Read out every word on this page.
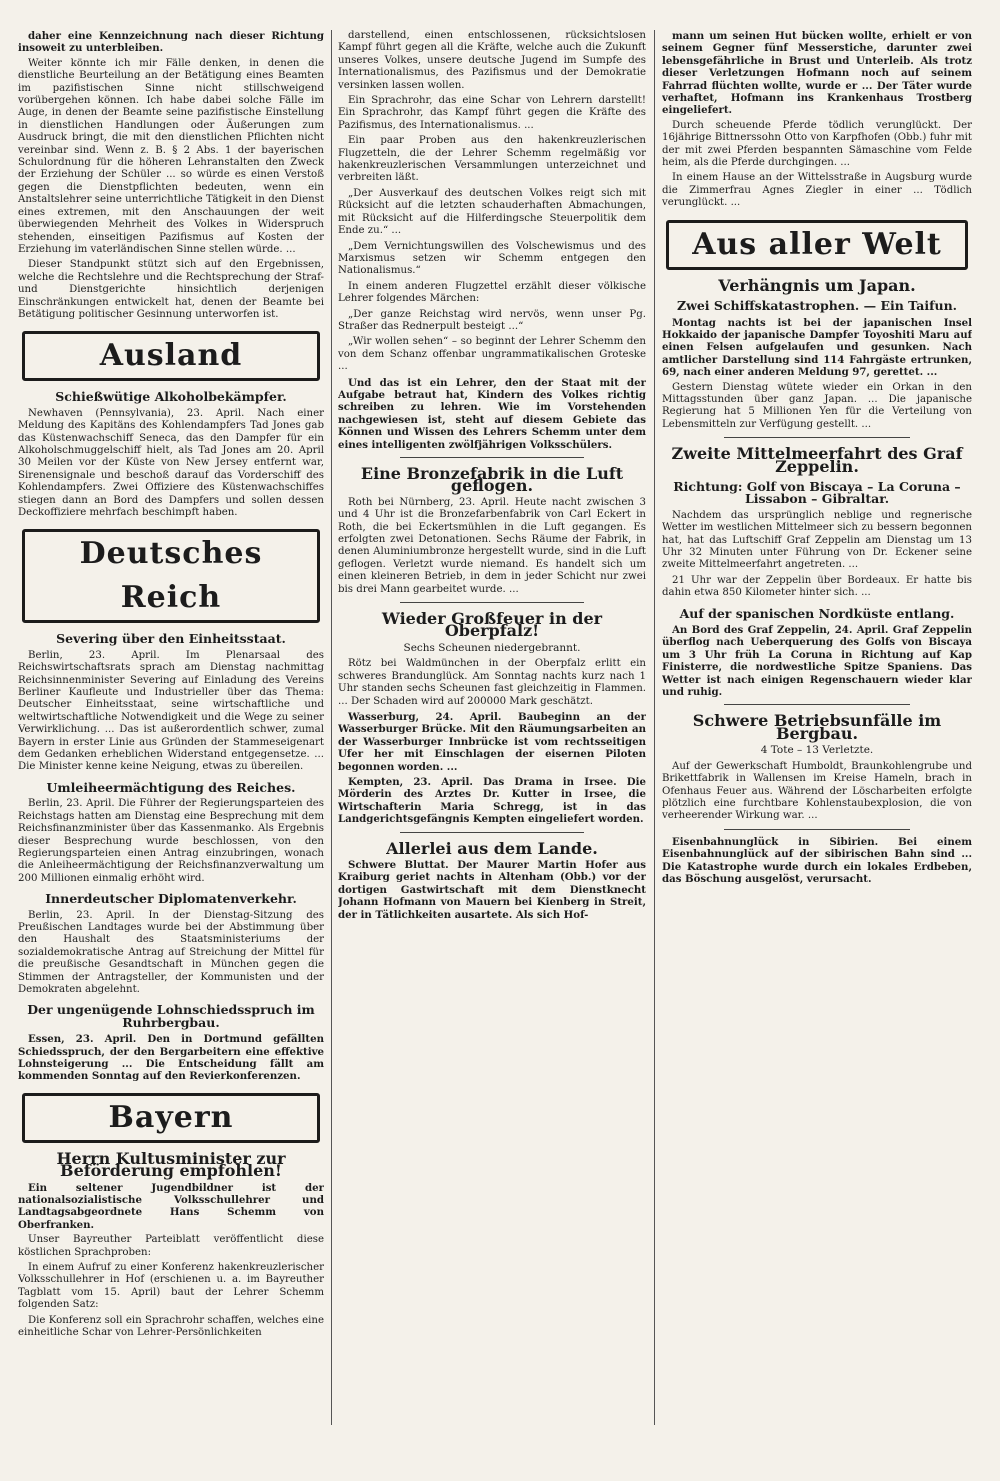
daher eine Kennzeichnung nach dieser Richtung insoweit zu unterbleiben.

Weiter könnte ich mir Fälle denken, in denen die dienstliche Beurteilung an der Betätigung eines Beamten im pazifistischen Sinne nicht stillschweigend vorübergehen können. Ich habe dabei solche Fälle im Auge, in denen der Beamte seine pazifistische Einstellung in dienstlichen Handlungen oder Äußerungen zum Ausdruck bringt, die mit den dienstlichen Pflichten nicht vereinbar sind. Wenn z. B. § 2 Abs. 1 der bayerischen Schulordnung für die höheren Lehranstalten den Zweck der Erziehung der Schüler ... so würde es einen Verstoß gegen die Dienstpflichten bedeuten, wenn ein Anstaltslehrer seine unterrichtliche Tätigkeit in den Dienst eines extremen, mit den Anschauungen der weit überwiegenden Mehrheit des Volkes in Widerspruch stehenden, einseitigen Pazifismus auf Kosten der Erziehung im vaterländischen Sinne stellen würde. ...

Dieser Standpunkt stützt sich auf den Ergebnissen, welche die Rechtslehre und die Rechtsprechung der Straf- und Dienstgerichte hinsichtlich derjenigen Einschränkungen entwickelt hat, denen der Beamte bei Betätigung politischer Gesinnung unterworfen ist.

Ausland
Schießwütige Alkoholbekämpfer.

Newhaven (Pennsylvania), 23. April. Nach einer Meldung des Kapitäns des Kohlendampfers Tad Jones gab das Küstenwachschiff Seneca, das den Dampfer für ein Alkoholschmuggelschiff hielt, als Tad Jones am 20. April 30 Meilen vor der Küste von New Jersey entfernt war, Sirenensignale und beschoß darauf das Vorderschiff des Kohlendampfers. Zwei Offiziere des Küstenwachschiffes stiegen dann an Bord des Dampfers und sollen dessen Deckoffiziere mehrfach beschimpft haben.

Deutsches Reich
Severing über den Einheitsstaat.

Berlin, 23. April. Im Plenarsaal des Reichswirtschaftsrats sprach am Dienstag nachmittag Reichsinnenminister Severing auf Einladung des Vereins Berliner Kaufleute und Industrieller über das Thema: Deutscher Einheitsstaat, seine wirtschaftliche und weltwirtschaftliche Notwendigkeit und die Wege zu seiner Verwirklichung. ... Das ist außerordentlich schwer, zumal Bayern in erster Linie aus Gründen der Stammeseigenart dem Gedanken erheblichen Widerstand entgegensetze. ... Die Minister kenne keine Neigung, etwas zu übereilen.

Umleiheermächtigung des Reiches.

Berlin, 23. April. Die Führer der Regierungsparteien des Reichstags hatten am Dienstag eine Besprechung mit dem Reichsfinanzminister über das Kassenmanko. Als Ergebnis dieser Besprechung wurde beschlossen, von den Regierungsparteien einen Antrag einzubringen, wonach die Anleiheermächtigung der Reichsfinanzverwaltung um 200 Millionen einmalig erhöht wird.

Innerdeutscher Diplomatenverkehr.

Berlin, 23. April. In der Dienstag-Sitzung des Preußischen Landtages wurde bei der Abstimmung über den Haushalt des Staatsministeriums der sozialdemokratische Antrag auf Streichung der Mittel für die preußische Gesandtschaft in München gegen die Stimmen der Antragsteller, der Kommunisten und der Demokraten abgelehnt.

Der ungenügende Lohnschiedsspruch im Ruhrbergbau.

Essen, 23. April. Den in Dortmund gefällten Schiedsspruch, der den Bergarbeitern eine effektive Lohnsteigerung ... Die Entscheidung fällt am kommenden Sonntag auf den Revierkonferenzen.

Bayern
Herrn Kultusminister zur Beförderung empfohlen!

Ein seltener Jugendbildner ist der nationalsozialistische Volksschullehrer und Landtagsabgeordnete Hans Schemm von Oberfranken.

Unser Bayreuther Parteiblatt veröffentlicht diese köstlichen Sprachproben:

In einem Aufruf zu einer Konferenz hakenkreuzlerischer Volksschullehrer in Hof (erschienen u. a. im Bayreuther Tagblatt vom 15. April) baut der Lehrer Schemm folgenden Satz:

Die Konferenz soll ein Sprachrohr schaffen, welches eine einheitliche Schar von Lehrer-Persönlichkeiten

darstellend, einen entschlossenen, rücksichtslosen Kampf führt gegen all die Kräfte, welche auch die Zukunft unseres Volkes, unsere deutsche Jugend im Sumpfe des Internationalismus, des Pazifismus und der Demokratie versinken lassen wollen.

Ein Sprachrohr, das eine Schar von Lehrern darstellt! Ein Sprachrohr, das Kampf führt gegen die Kräfte des Pazifismus, des Internationalismus. ...

Ein paar Proben aus den hakenkreuzlerischen Flugzetteln, die der Lehrer Schemm regelmäßig vor hakenkreuzlerischen Versammlungen unterzeichnet und verbreiten läßt.

„Der Ausverkauf des deutschen Volkes reigt sich mit Rücksicht auf die letzten schauderhaften Abmachungen, mit Rücksicht auf die Hilferdingsche Steuerpolitik dem Ende zu.“ ...

„Dem Vernichtungswillen des Volschewismus und des Marxismus setzen wir Schemm entgegen den Nationalismus.“

In einem anderen Flugzettel erzählt dieser völkische Lehrer folgendes Märchen:

„Der ganze Reichstag wird nervös, wenn unser Pg. Straßer das Rednerpult besteigt ...“

„Wir wollen sehen“ – so beginnt der Lehrer Schemm den von dem Schanz offenbar ungrammatikalischen Groteske ...

Und das ist ein Lehrer, den der Staat mit der Aufgabe betraut hat, Kindern des Volkes richtig schreiben zu lehren. Wie im Vorstehenden nachgewiesen ist, steht auf diesem Gebiete das Können und Wissen des Lehrers Schemm unter dem eines intelligenten zwölfjährigen Volksschülers.

Eine Bronzefabrik in die Luft geflogen.

Roth bei Nürnberg, 23. April. Heute nacht zwischen 3 und 4 Uhr ist die Bronzefarbenfabrik von Carl Eckert in Roth, die bei Eckertsmühlen in die Luft gegangen. Es erfolgten zwei Detonationen. Sechs Räume der Fabrik, in denen Aluminiumbronze hergestellt wurde, sind in die Luft geflogen. Verletzt wurde niemand. Es handelt sich um einen kleineren Betrieb, in dem in jeder Schicht nur zwei bis drei Mann gearbeitet wurde. ...

Wieder Großfeuer in der Oberpfalz!
Sechs Scheunen niedergebrannt.

Rötz bei Waldmünchen in der Oberpfalz erlitt ein schweres Brandunglück. Am Sonntag nachts kurz nach 1 Uhr standen sechs Scheunen fast gleichzeitig in Flammen. ... Der Schaden wird auf 200000 Mark geschätzt.

Wasserburg, 24. April. Baubeginn an der Wasserburger Brücke. Mit den Räumungsarbeiten an der Wasserburger Innbrücke ist vom rechtsseitigen Ufer her mit Einschlagen der eisernen Piloten begonnen worden. ...

Kempten, 23. April. Das Drama in Irsee. Die Mörderin des Arztes Dr. Kutter in Irsee, die Wirtschafterin Maria Schregg, ist in das Landgerichtsgefängnis Kempten eingeliefert worden.

Allerlei aus dem Lande.

Schwere Bluttat. Der Maurer Martin Hofer aus Kraiburg geriet nachts in Altenham (Obb.) vor der dortigen Gastwirtschaft mit dem Dienstknecht Johann Hofmann von Mauern bei Kienberg in Streit, der in Tätlichkeiten ausartete. Als sich Hof-

mann um seinen Hut bücken wollte, erhielt er von seinem Gegner fünf Messerstiche, darunter zwei lebensgefährliche in Brust und Unterleib. Als trotz dieser Verletzungen Hofmann noch auf seinem Fahrrad flüchten wollte, wurde er ... Der Täter wurde verhaftet, Hofmann ins Krankenhaus Trostberg eingeliefert.

Durch scheuende Pferde tödlich verunglückt. Der 16jährige Bittnerssohn Otto von Karpfhofen (Obb.) fuhr mit der mit zwei Pferden bespannten Sämaschine vom Felde heim, als die Pferde durchgingen. ...

In einem Hause an der Wittelsstraße in Augsburg wurde die Zimmerfrau Agnes Ziegler in einer ... Tödlich verunglückt. ...

Aus aller Welt
Verhängnis um Japan.
Zwei Schiffskatastrophen. — Ein Taifun.

Montag nachts ist bei der japanischen Insel Hokkaido der japanische Dampfer Toyoshiti Maru auf einen Felsen aufgelaufen und gesunken. Nach amtlicher Darstellung sind 114 Fahrgäste ertrunken, 69, nach einer anderen Meldung 97, gerettet. ...

Gestern Dienstag wütete wieder ein Orkan in den Mittagsstunden über ganz Japan. ... Die japanische Regierung hat 5 Millionen Yen für die Verteilung von Lebensmitteln zur Verfügung gestellt. ...

Zweite Mittelmeerfahrt des Graf Zeppelin.
Richtung: Golf von Biscaya – La Coruna – Lissabon – Gibraltar.

Nachdem das ursprünglich neblige und regnerische Wetter im westlichen Mittelmeer sich zu bessern begonnen hat, hat das Luftschiff Graf Zeppelin am Dienstag um 13 Uhr 32 Minuten unter Führung von Dr. Eckener seine zweite Mittelmeerfahrt angetreten. ...

21 Uhr war der Zeppelin über Bordeaux. Er hatte bis dahin etwa 850 Kilometer hinter sich. ...

Auf der spanischen Nordküste entlang.

An Bord des Graf Zeppelin, 24. April. Graf Zeppelin überflog nach Ueberquerung des Golfs von Biscaya um 3 Uhr früh La Coruna in Richtung auf Kap Finisterre, die nordwestliche Spitze Spaniens. Das Wetter ist nach einigen Regenschauern wieder klar und ruhig.

Schwere Betriebsunfälle im Bergbau.
4 Tote – 13 Verletzte.

Auf der Gewerkschaft Humboldt, Braunkohlengrube und Brikettfabrik in Wallensen im Kreise Hameln, brach in Ofenhaus Feuer aus. Während der Löscharbeiten erfolgte plötzlich eine furchtbare Kohlenstaubexplosion, die von verheerender Wirkung war. ...

Eisenbahnunglück in Sibirien. Bei einem Eisenbahnunglück auf der sibirischen Bahn sind ... Die Katastrophe wurde durch ein lokales Erdbeben, das Böschung ausgelöst, verursacht.
